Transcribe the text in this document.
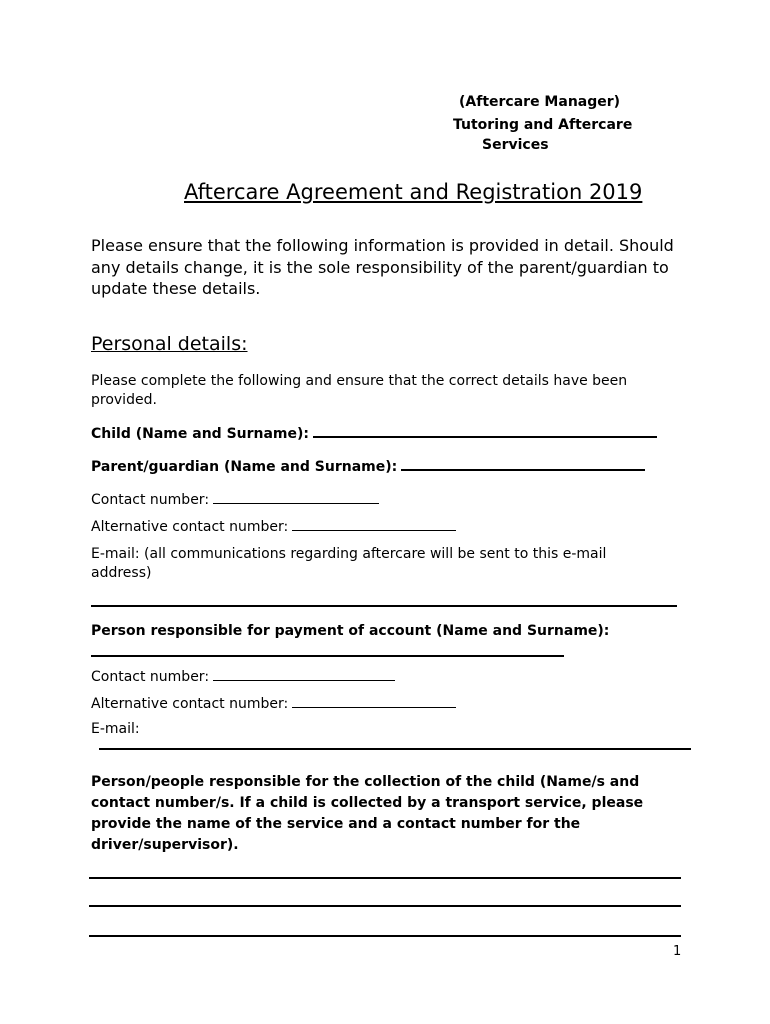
(Aftercare Manager)
Tutoring and Aftercare
Services
Aftercare Agreement and Registration 2019
Please ensure that the following information is provided in detail. Should any details change, it is the sole responsibility of the parent/guardian to update these details.
Personal details:
Please complete the following and ensure that the correct details have been provided.
Child (Name and Surname):
Parent/guardian (Name and Surname):
Contact number:
Alternative contact number:
E-mail: (all communications regarding aftercare will be sent to this e-mail address)
Person responsible for payment of account (Name and Surname):
Contact number:
Alternative contact number:
E-mail:
Person/people responsible for the collection of the child (Name/s and contact number/s. If a child is collected by a transport service, please provide the name of the service and a contact number for the driver/supervisor).
1
